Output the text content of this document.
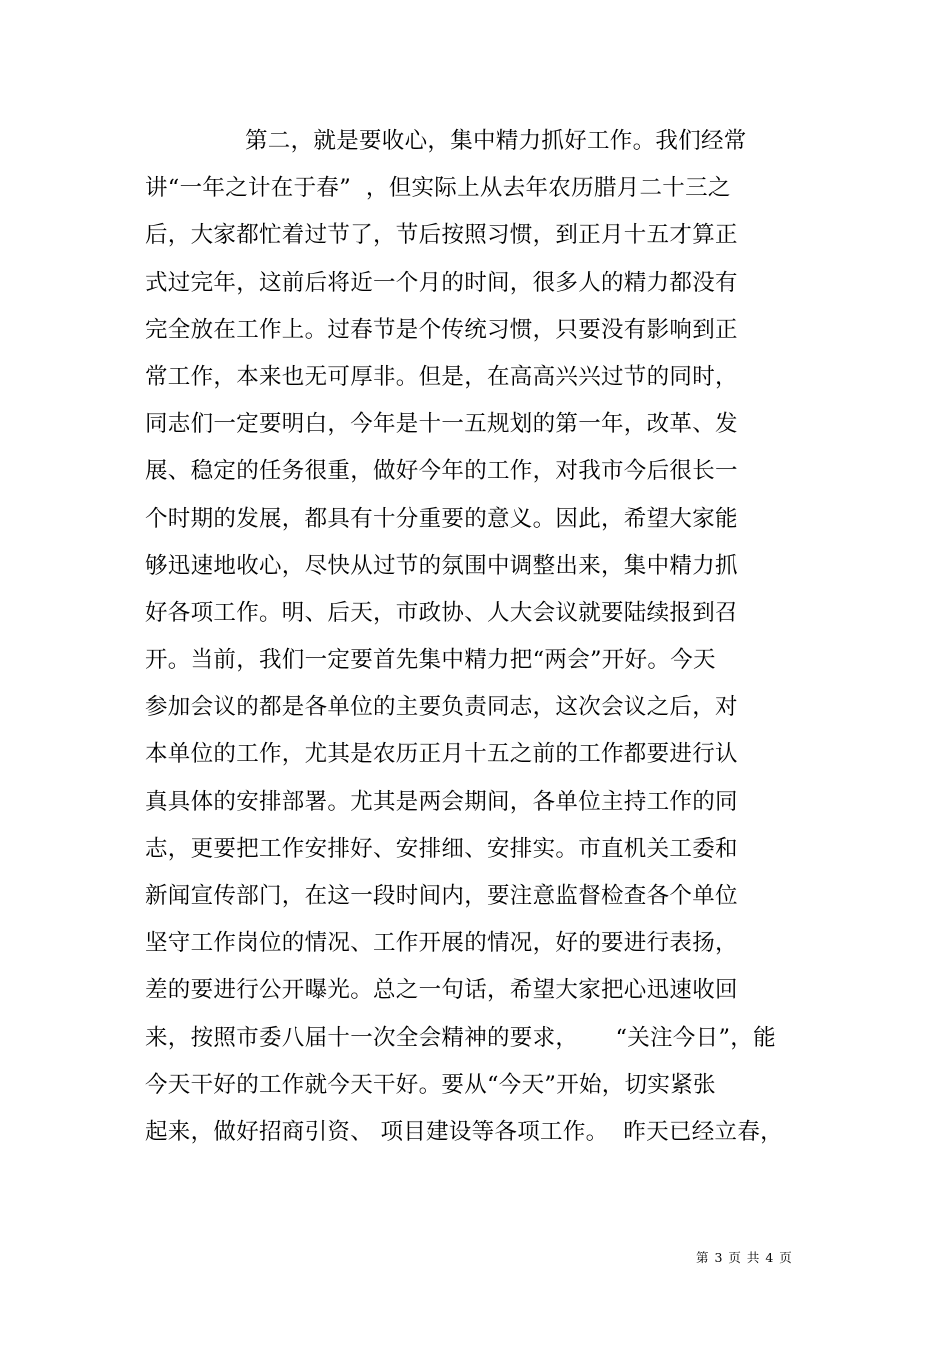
第二，就是要收心，集中精力抓好工作。我们经常
讲“一年之计在于春”  ，但实际上从去年农历腊月二十三之
后，大家都忙着过节了，节后按照习惯，到正月十五才算正
式过完年，这前后将近一个月的时间，很多人的精力都没有
完全放在工作上。过春节是个传统习惯，只要没有影响到正
常工作，本来也无可厚非。但是，在高高兴兴过节的同时，
同志们一定要明白，今年是十一五规划的第一年，改革、发
展、稳定的任务很重，做好今年的工作，对我市今后很长一
个时期的发展，都具有十分重要的意义。因此，希望大家能
够迅速地收心，尽快从过节的氛围中调整出来，集中精力抓
好各项工作。明、后天，市政协、人大会议就要陆续报到召
开。当前，我们一定要首先集中精力把“两会”开好。今天
参加会议的都是各单位的主要负责同志，这次会议之后，对
本单位的工作，尤其是农历正月十五之前的工作都要进行认
真具体的安排部署。尤其是两会期间，各单位主持工作的同
志，更要把工作安排好、安排细、安排实。市直机关工委和
新闻宣传部门，在这一段时间内，要注意监督检查各个单位
坚守工作岗位的情况、工作开展的情况，好的要进行表扬，
差的要进行公开曝光。总之一句话，希望大家把心迅速收回
来，按照市委八届十一次全会精神的要求，     “关注今日”，能
今天干好的工作就今天干好。要从“今天”开始，切实紧张
起来，做好招商引资、 项目建设等各项工作。  昨天已经立春，
第 3 页 共 4 页
